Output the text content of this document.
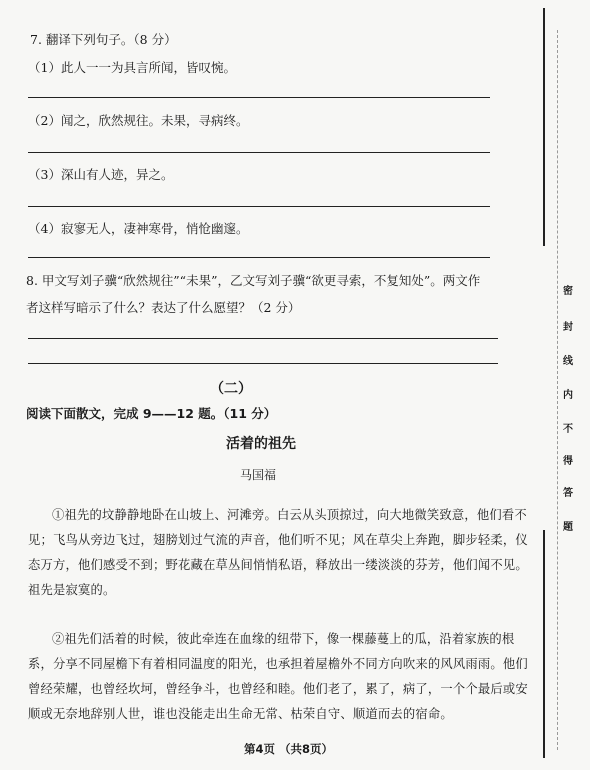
7. 翻译下列句子。（8 分）
（1）此人一一为具言所闻，皆叹惋。
（2）闻之，欣然规往。未果，寻病终。
（3）深山有人迹，异之。
（4）寂寥无人，凄神寒骨，悄怆幽邃。
8. 甲文写刘子骥“欣然规往”“未果”，乙文写刘子骥“欲更寻索，不复知处”。两文作
者这样写暗示了什么？表达了什么愿望？（2 分）
（二）
阅读下面散文，完成 9——12 题。（11 分）
活着的祖先
马国福

①祖先的坟静静地卧在山坡上、河滩旁。白云从头顶掠过，向大地微笑致意，他们看不见；飞鸟从旁边飞过，翅膀划过气流的声音，他们听不见；风在草尖上奔跑，脚步轻柔，仪态万方，他们感受不到；野花藏在草丛间悄悄私语，释放出一缕淡淡的芬芳，他们闻不见。祖先是寂寞的。

②祖先们活着的时候，彼此牵连在血缘的纽带下，像一棵藤蔓上的瓜，沿着家族的根系，分享不同屋檐下有着相同温度的阳光，也承担着屋檐外不同方向吹来的风风雨雨。他们曾经荣耀，也曾经坎坷，曾经争斗，也曾经和睦。他们老了，累了，病了，一个个最后或安顺或无奈地辞别人世，谁也没能走出生命无常、枯荣自守、顺道而去的宿命。

第4页 （共8页）
密
封
线
内
不
得
答
题
